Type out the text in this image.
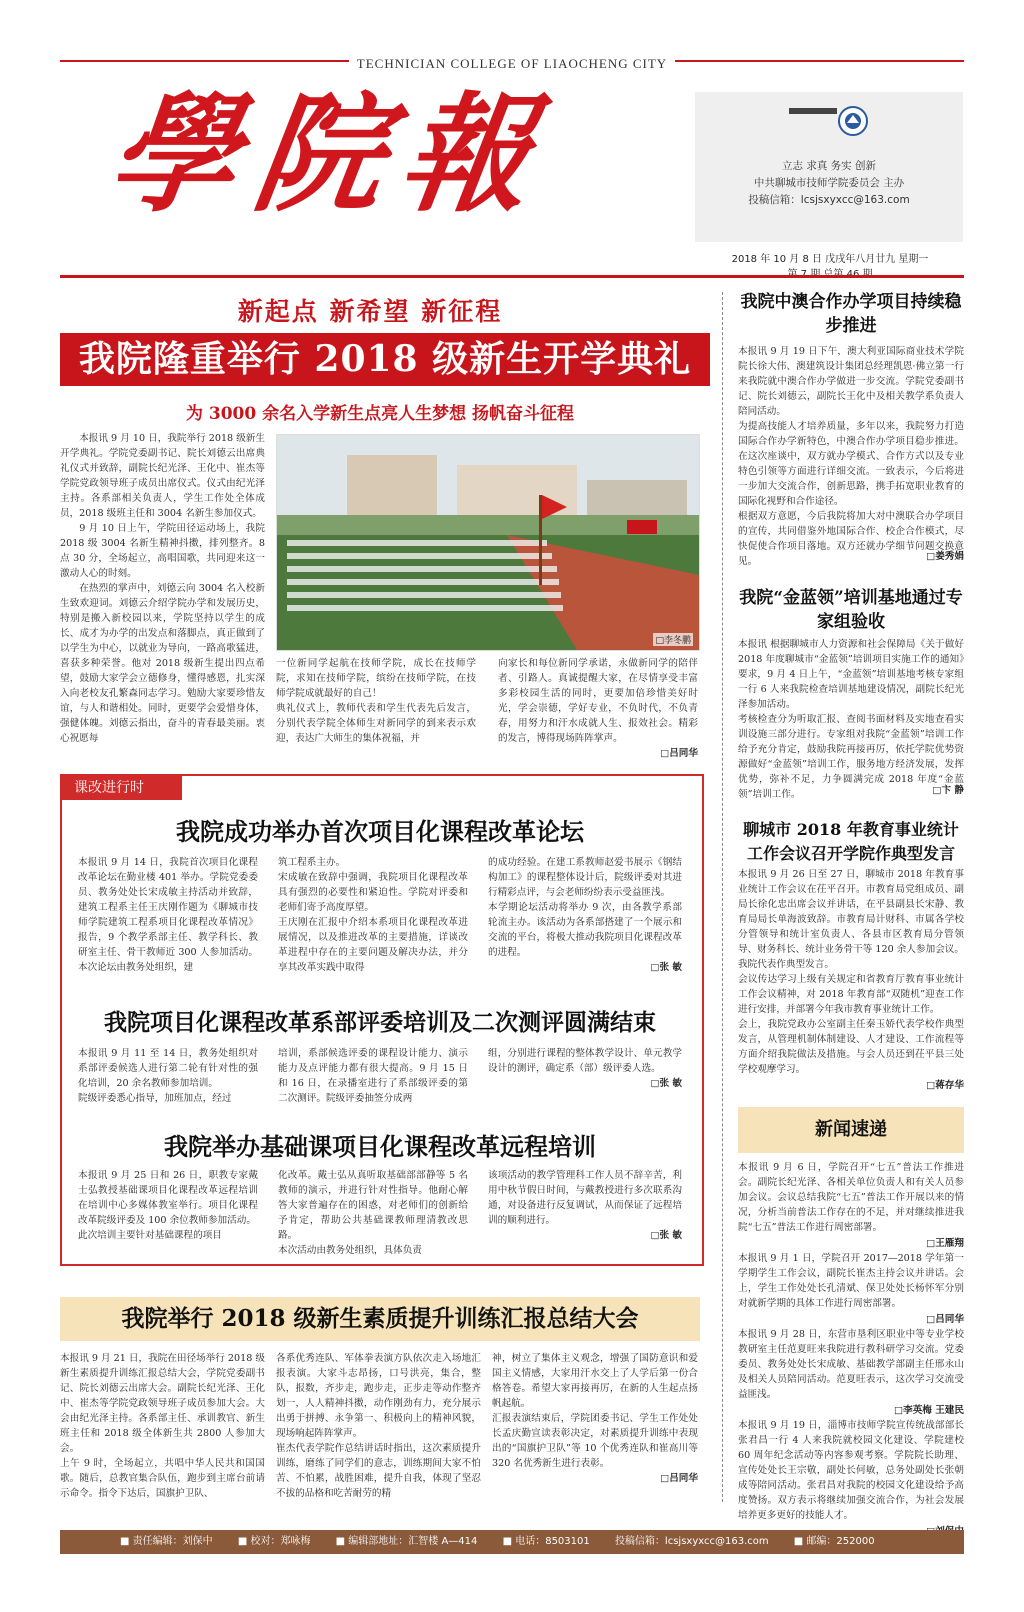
TECHNICIAN COLLEGE OF LIAOCHENG CITY
學院報	立志 求真 务实 创新
中共聊城市技师学院委员会 主办
投稿信箱：lcsjsxyxcc@163.com
2018 年 10 月 8 日 戊戌年八月廿九 星期一
新起点 新希望 新征程
我院隆重举行 2018 级新生开学典礼
为 3000 余名入学新生点亮人生梦想 扬帆奋斗征程
□李冬鹏
本报讯 9 月 10 日，我院举行 2018 级新生开学典礼。学院党委副书记、院长刘德云出席典礼仪式并致辞，副院长纪光泽、王化中、崔杰等学院党政领导班子成员出席仪式。仪式由纪光泽主持。各系部相关负责人，学生工作处全体成员，2018 级班主任和 3004 名新生参加仪式。
9 月 10 日上午，学院田径运动场上，我院 2018 级 3004 名新生精神抖擞，排列整齐。8 点 30 分，全场起立，高唱国歌，共同迎来这一激动人心的时刻。
在热烈的掌声中，刘德云向 3004 名入校新生致欢迎词。刘德云介绍学院办学和发展历史，特别是搬入新校园以来，学院坚持以学生的成长、成才为办学的出发点和落脚点，真正做到了以学生为中心，以就业为导向，一路高歌猛进，喜获多种荣誉。他对 2018 级新生提出四点希望，鼓励大家学会立德修身，懂得感恩，扎实深入向老校友孔繁森同志学习。勉励大家要珍惜友谊，与人和谐相处。同时，更要学会爱惜身体，强健体魄。刘德云指出，奋斗的青春最美丽。衷心祝愿每
一位新同学起航在技师学院，成长在技师学院，求知在技师学院，缤纷在技师学院，在技师学院成就最好的自己！
典礼仪式上，教师代表和学生代表先后发言，分别代表学院全体师生对新同学的到来表示欢迎，表达广大师生的集体祝福，并
向家长和每位新同学承诺，永做新同学的陪伴者、引路人。真诚提醒大家，在尽情享受丰富多彩校园生活的同时，更要加倍珍惜美好时光，学会崇德，学好专业，不负时代，不负青春，用努力和汗水成就人生、报效社会。精彩的发言，博得现场阵阵掌声。
□吕同华
课改进行时
我院成功举办首次项目化课程改革论坛
本报讯 9 月 14 日，我院首次项目化课程改革论坛在勤业楼 401 举办。学院党委委员、教务处处长宋成敏主持活动并致辞，建筑工程系主任王庆刚作题为《聊城市技师学院建筑工程系项目化课程改革情况》报告，9 个教学系部主任、教学科长、教研室主任、骨干教师近 300 人参加活动。本次论坛由教务处组织，建
筑工程系主办。
宋成敏在致辞中强调，我院项目化课程改革具有强烈的必要性和紧迫性。学院对评委和老师们寄予高度厚望。
王庆刚在汇报中介绍本系项目化课程改革进展情况，以及推进改革的主要措施，详谈改革进程中存在的主要问题及解决办法，并分享其改革实践中取得
的成功经验。在建工系教师赵爱书展示《钢结构加工》的课程整体设计后，院级评委对其进行精彩点评，与会老师纷纷表示受益匪浅。
本学期论坛活动将举办 9 次，由各教学系部轮流主办。该活动为各系部搭建了一个展示和交流的平台，将极大推动我院项目化课程改革的进程。
□张 敏
我院项目化课程改革系部评委培训及二次测评圆满结束
本报讯 9 月 11 至 14 日，教务处组织对系部评委候选人进行第二轮有针对性的强化培训，20 余名教师参加培训。
院级评委悉心指导，加班加点，经过
培训，系部候选评委的课程设计能力、演示能力及点评能力都有很大提高。9 月 15 日和 16 日，在录播室进行了系部级评委的第二次测评。院级评委抽签分成两
组，分别进行课程的整体教学设计、单元教学设计的测评，确定系（部）级评委人选。
□张 敏
我院举办基础课项目化课程改革远程培训
本报讯 9 月 25 日和 26 日，职教专家戴士弘教授基础课项目化课程改革远程培训在培训中心多媒体教室举行。项目化课程改革院级评委及 100 余位教师参加活动。
此次培训主要针对基础课程的项目
化改革。戴士弘从真听取基础部部静等 5 名教师的演示，并进行针对性指导。他耐心解答大家普遍存在的困惑，对老师们的创新给予肯定，帮助公共基础课教师理清教改思路。
本次活动由教务处组织，具体负责
该项活动的教学管理科工作人员不辞辛苦，利用中秋节假日时间，与戴教授进行多次联系沟通，对设备进行反复调试，从而保证了远程培训的顺利进行。
□张 敏
我院举行 2018 级新生素质提升训练汇报总结大会
本报讯 9 月 21 日，我院在田径场举行 2018 级新生素质提升训练汇报总结大会，学院党委副书记、院长刘德云出席大会。副院长纪光泽、王化中、崔杰等学院党政领导班子成员参加大会。大会由纪光泽主持。各系部主任、承训教官、新生班主任和 2018 级全体新生共 2800 人参加大会。
上午 9 时，全场起立，共唱中华人民共和国国歌。随后，总教官集合队伍，跑步到主席台前请示命令。指令下达后，国旗护卫队、
各系优秀连队、军体拳表演方队依次走入场地汇报表演。大家斗志昂扬，口号洪亮，集合，整队，报数，齐步走，跑步走，正步走等动作整齐划一，人人精神抖擞，动作刚劲有力，充分展示出勇于拼搏、永争第一、积极向上的精神风貌，现场响起阵阵掌声。
崔杰代表学院作总结讲话时指出，这次素质提升训练，磨练了同学们的意志，训练期间大家不怕苦、不怕累，战胜困难，提升自我，体现了坚忍不拔的品格和吃苦耐劳的精
神，树立了集体主义观念，增强了国防意识和爱国主义情感，大家用汗水交上了人学后第一份合格答卷。希望大家再接再厉，在新的人生起点扬帆起航。
汇报表演结束后，学院团委书记、学生工作处处长孟庆勤宣读表彰决定，对素质提升训练中表现出的“国旗护卫队”等 10 个优秀连队和崔高川等 320 名优秀新生进行表彰。
□吕同华
我院中澳合作办学项目持续稳步推进
本报讯 9 月 19 日下午，澳大利亚国际商业技术学院院长徐大伟、澳建筑设计集团总经理凯恩·佛立第一行来我院就中澳合作办学做进一步交流。学院党委副书记、院长刘德云，副院长王化中及相关教学系负责人陪同活动。
为提高技能人才培养质量，多年以来，我院努力打造国际合作办学新特色，中澳合作办学项目稳步推进。在这次座谈中，双方就办学模式、合作方式以及专业特色引领等方面进行详细交流。一致表示，今后将进一步加大交流合作，创新思路，携手拓宽职业教育的国际化视野和合作途径。
根据双方意愿，今后我院将加大对中澳联合办学项目的宣传，共同借鉴外地国际合作、校企合作模式，尽快促使合作项目落地。双方还就办学细节问题交换意见。	□姜秀娟
我院“金蓝领”培训基地通过专家组验收
本报讯 根据聊城市人力资源和社会保障局《关于做好 2018 年度聊城市“金蓝领”培训项目实施工作的通知》要求，9 月 4 日上午，“金蓝领”培训基地考核专家组一行 6 人来我院检查培训基地建设情况，副院长纪光泽参加活动。
考核检查分为听取汇报、查阅书面材料及实地查看实训设施三部分进行。专家组对我院“金蓝领”培训工作给予充分肯定，鼓励我院再接再厉，依托学院优势资源做好“金蓝领”培训工作，服务地方经济发展，发挥优势，弥补不足，力争圆满完成 2018 年度“金蓝领”培训工作。	□卞 静
聊城市 2018 年教育事业统计工作会议召开学院作典型发言
本报讯 9 月 26 日至 27 日，聊城市 2018 年教育事业统计工作会议在茌平召开。市教育局党组成员、副局长徐化忠出席会议并讲话，在平县副县长宋静、教育局局长单海波致辞。市教育局计财科、市属各学校分管领导和统计室负责人、各县市区教育局分管领导、财务科长、统计业务骨干等 120 余人参加会议。我院代表作典型发言。
会议传达学习上级有关规定和省教育厅教育事业统计工作会议精神，对 2018 年教育部“双随机”迎查工作进行安排，并部署今年我市教育事业统计工作。
会上，我院党政办公室副主任秦玉娇代表学校作典型发言，从管理机制体制建设、人才建设、工作流程等方面介绍我院做法及措施。与会人员还到茌平县三处学校观摩学习。
□蒋存华
新闻速递
本报讯 9 月 6 日，学院召开“七五”普法工作推进会。副院长纪光泽、各相关单位负责人和有关人员参加会议。会议总结我院“七五”普法工作开展以来的情况，分析当前普法工作存在的不足，并对继续推进我院“七五”普法工作进行周密部署。
□王雁翔
本报讯 9 月 1 日，学院召开 2017—2018 学年第一学期学生工作会议，副院长崔杰主持会议并讲话。会上，学生工作处处长孔清斌、保卫处处长杨怀军分别对就新学期的具体工作进行周密部署。
□吕同华
本报讯 9 月 28 日，东营市垦利区职业中等专业学校教研室主任范夏旺来我院进行教科研学习交流。党委委员、教务处处长宋成敏、基础教学部副主任邢永山及相关人员陪同活动。范夏旺表示，这次学习交流受益匪浅。
□李英梅 王建民
本报讯 9 月 19 日，淄博市技师学院宣传统战部部长张君昌一行 4 人来我院就校园文化建设、学院建校 60 周年纪念活动等内容参观考察。学院院长助理、宣传处处长王宗敬，副处长何敏，总务处副处长张朝成等陪同活动。张君昌对我院的校园文化建设给予高度赞扬。双方表示将继续加强交流合作，为社会发展培养更多更好的技能人才。
■ 责任编辑：刘保中	■ 校对：郑咏梅	■ 编辑部地址：汇智楼 A—414	■ 电话：8503101	投稿信箱：lcsjsxyxcc@163.com	■ 邮编：252000
